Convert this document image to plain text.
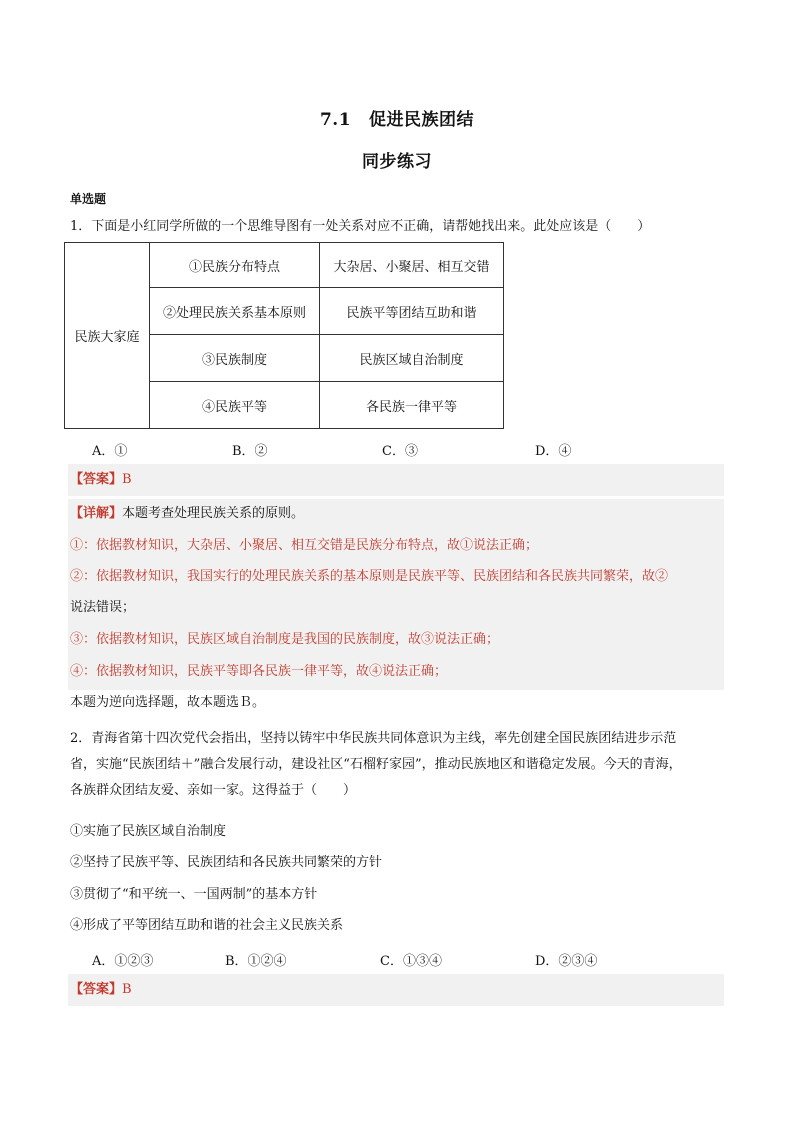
7.1 促进民族团结
同步练习
单选题
1．下面是小红同学所做的一个思维导图有一处关系对应不正确，请帮她找出来。此处应该是（　　）
民族大家庭	①民族分布特点	大杂居、小聚居、相互交错
	②处理民族关系基本原则	民族平等团结互助和谐
	③民族制度	民族区域自治制度
	④民族平等	各民族一律平等
A．①	B．②	C．③	D．④
【答案】B
【详解】本题考查处理民族关系的原则。
①：依据教材知识，大杂居、小聚居、相互交错是民族分布特点，故①说法正确；
②：依据教材知识，我国实行的处理民族关系的基本原则是民族平等、民族团结和各民族共同繁荣，故②
说法错误；
③：依据教材知识，民族区域自治制度是我国的民族制度，故③说法正确；
④：依据教材知识，民族平等即各民族一律平等，故④说法正确；
本题为逆向选择题，故本题选Ｂ。

2．青海省第十四次党代会指出，坚持以铸牢中华民族共同体意识为主线，率先创建全国民族团结进步示范

省，实施“民族团结＋”融合发展行动，建设社区“石榴籽家园”，推动民族地区和谐稳定发展。今天的青海，

各族群众团结友爱、亲如一家。这得益于（　　）

①实施了民族区域自治制度
②坚持了民族平等、民族团结和各民族共同繁荣的方针
③贯彻了“和平统一、一国两制”的基本方针
④形成了平等团结互助和谐的社会主义民族关系
A．①②③	B．①②④	C．①③④	D．②③④
【答案】B
